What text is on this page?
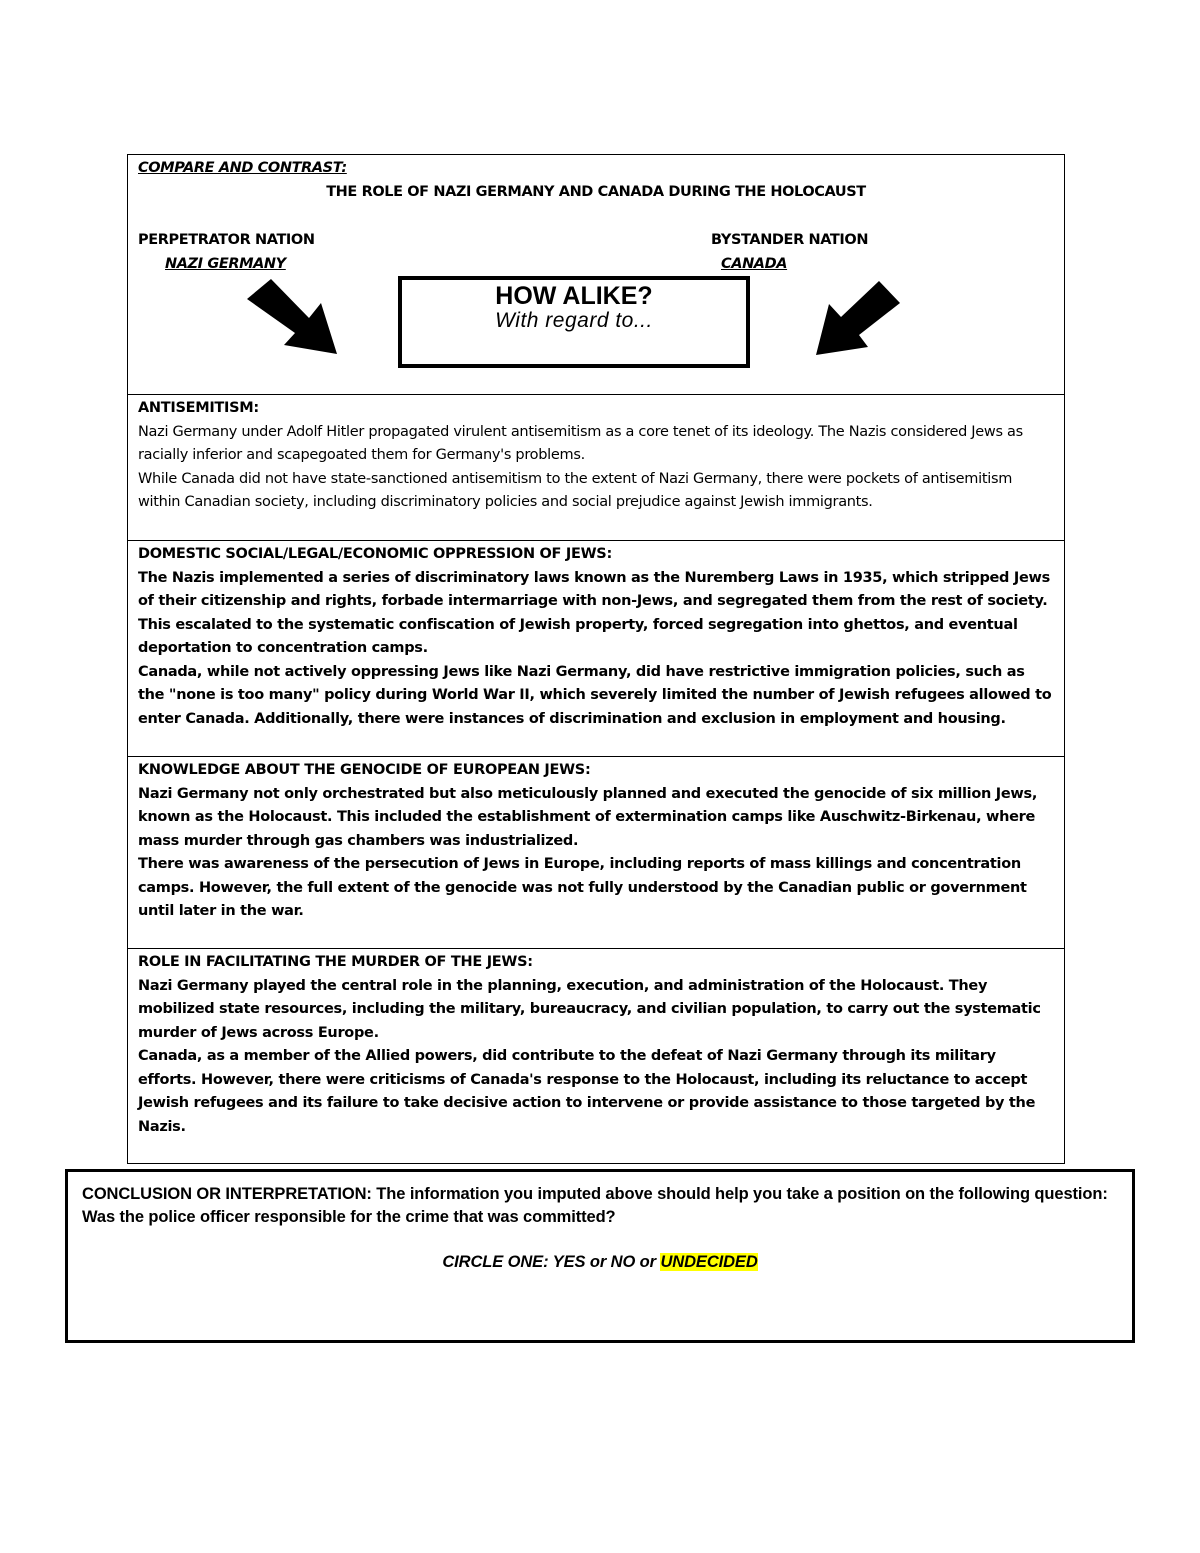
COMPARE AND CONTRAST:
THE ROLE OF NAZI GERMANY AND CANADA DURING THE HOLOCAUST
PERPETRATOR NATION
NAZI GERMANY
BYSTANDER NATION
CANADA
HOW ALIKE?
With regard to...
ANTISEMITISM:
Nazi Germany under Adolf Hitler propagated virulent antisemitism as a core tenet of its ideology. The Nazis considered Jews as racially inferior and scapegoated them for Germany's problems.
While Canada did not have state-sanctioned antisemitism to the extent of Nazi Germany, there were pockets of antisemitism within Canadian society, including discriminatory policies and social prejudice against Jewish immigrants.
DOMESTIC SOCIAL/LEGAL/ECONOMIC OPPRESSION OF JEWS:
The Nazis implemented a series of discriminatory laws known as the Nuremberg Laws in 1935, which stripped Jews of their citizenship and rights, forbade intermarriage with non-Jews, and segregated them from the rest of society. This escalated to the systematic confiscation of Jewish property, forced segregation into ghettos, and eventual deportation to concentration camps.
Canada, while not actively oppressing Jews like Nazi Germany, did have restrictive immigration policies, such as the "none is too many" policy during World War II, which severely limited the number of Jewish refugees allowed to enter Canada. Additionally, there were instances of discrimination and exclusion in employment and housing.
KNOWLEDGE ABOUT THE GENOCIDE OF EUROPEAN JEWS:
Nazi Germany not only orchestrated but also meticulously planned and executed the genocide of six million Jews, known as the Holocaust. This included the establishment of extermination camps like Auschwitz-Birkenau, where mass murder through gas chambers was industrialized.
There was awareness of the persecution of Jews in Europe, including reports of mass killings and concentration camps. However, the full extent of the genocide was not fully understood by the Canadian public or government until later in the war.
ROLE IN FACILITATING THE MURDER OF THE JEWS:
Nazi Germany played the central role in the planning, execution, and administration of the Holocaust. They mobilized state resources, including the military, bureaucracy, and civilian population, to carry out the systematic murder of Jews across Europe.
Canada, as a member of the Allied powers, did contribute to the defeat of Nazi Germany through its military efforts. However, there were criticisms of Canada's response to the Holocaust, including its reluctance to accept Jewish refugees and its failure to take decisive action to intervene or provide assistance to those targeted by the Nazis.
CONCLUSION OR INTERPRETATION: The information you imputed above should help you take a position on the following question: Was the police officer responsible for the crime that was committed?
CIRCLE ONE: YES or NO or UNDECIDED
